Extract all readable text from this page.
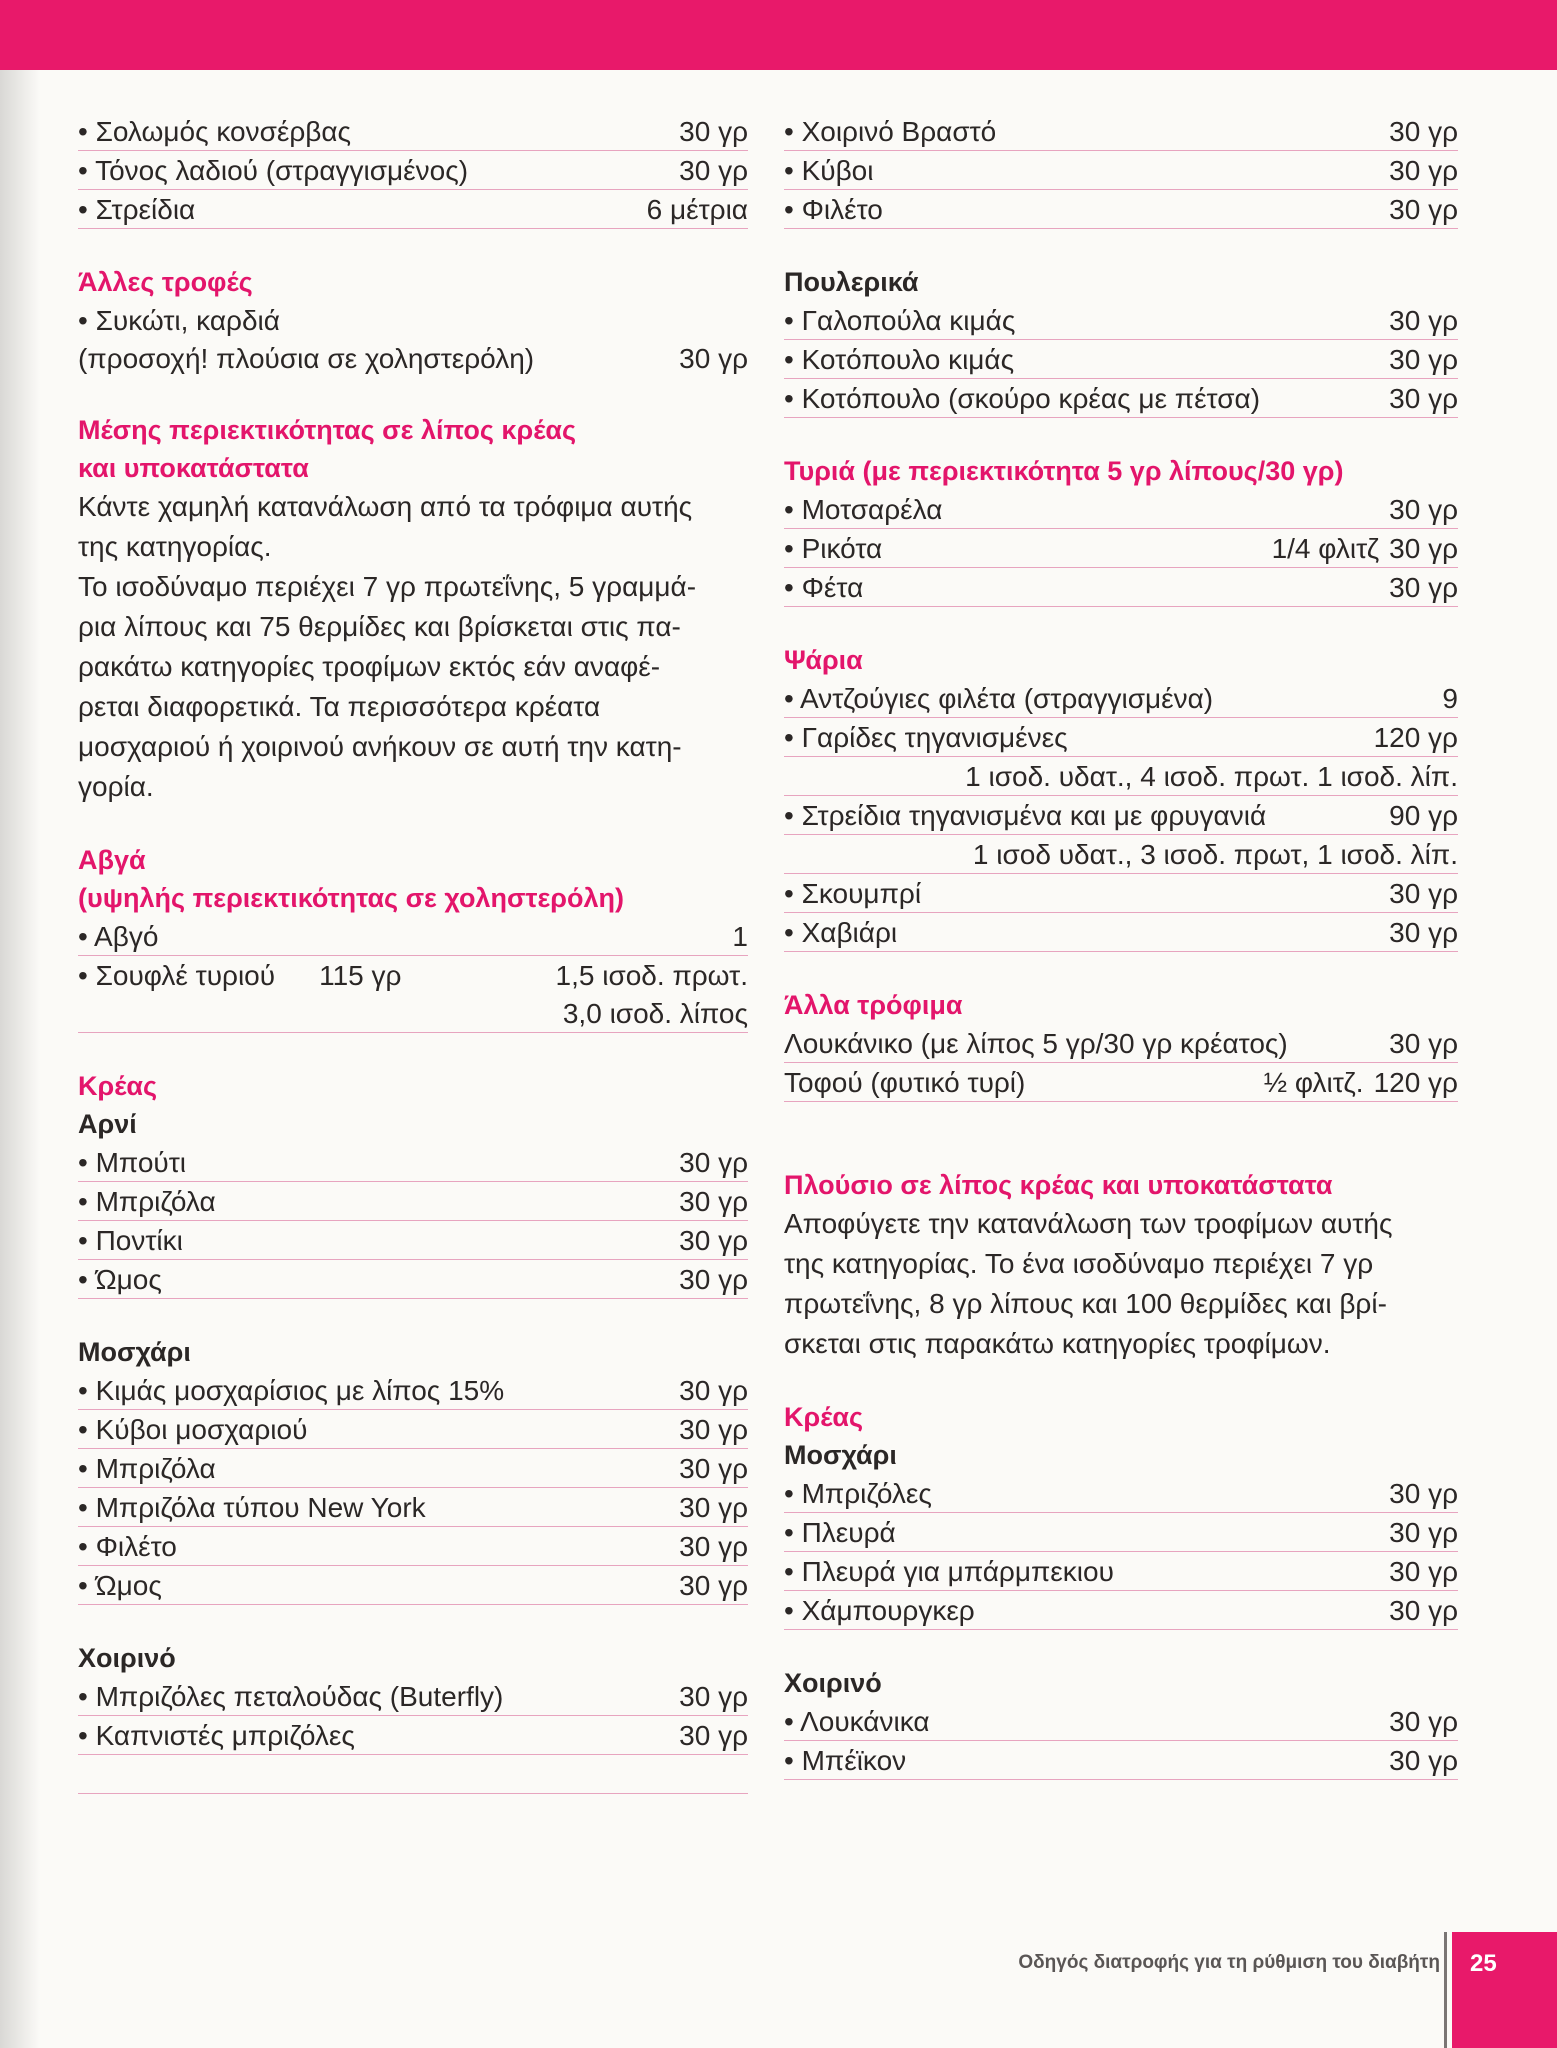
• Σολωμός κονσέρβας	30 γρ
• Τόνος λαδιού (στραγγισμένος)	30 γρ
• Στρείδια	6 μέτρια
Άλλες τροφές
• Συκώτι, καρδιά
(προσοχή! πλούσια σε χοληστερόλη)	30 γρ
Μέσης περιεκτικότητας σε λίπος κρέας
και υποκατάστατα

Κάντε χαμηλή κατανάλωση από τα τρόφιμα αυτής

της κατηγορίας.

Το ισοδύναμο περιέχει 7 γρ πρωτεΐνης, 5 γραμμά-

ρια λίπους και 75 θερμίδες και βρίσκεται στις πα-

ρακάτω κατηγορίες τροφίμων εκτός εάν αναφέ-

ρεται διαφορετικά. Τα περισσότερα κρέατα

μοσχαριού ή χοιρινού ανήκουν σε αυτή την κατη-

γορία.

Αβγά
(υψηλής περιεκτικότητας σε χοληστερόλη)
• Αβγό	1
• Σουφλέ τυριού 115 γρ	1,5 ισοδ. πρωτ.
3,0 ισοδ. λίπος
Κρέας
Αρνί
• Μπούτι	30 γρ
• Μπριζόλα	30 γρ
• Ποντίκι	30 γρ
• Ώμος	30 γρ
Μοσχάρι
• Κιμάς μοσχαρίσιος με λίπος 15%	30 γρ
• Κύβοι μοσχαριού	30 γρ
• Μπριζόλα	30 γρ
• Μπριζόλα τύπου New York	30 γρ
• Φιλέτο	30 γρ
• Ώμος	30 γρ
Χοιρινό
• Μπριζόλες πεταλούδας (Buterfly)	30 γρ
• Καπνιστές μπριζόλες	30 γρ
• Χοιρινό Βραστό	30 γρ
• Κύβοι	30 γρ
• Φιλέτο	30 γρ
Πουλερικά
• Γαλοπούλα κιμάς	30 γρ
• Κοτόπουλο κιμάς	30 γρ
• Κοτόπουλο (σκούρο κρέας με πέτσα)	30 γρ
Τυριά (με περιεκτικότητα 5 γρ λίπους/30 γρ)
• Μοτσαρέλα	30 γρ
• Ρικότα	1/4 φλιτζ 30 γρ
• Φέτα	30 γρ
Ψάρια
• Αντζούγιες φιλέτα (στραγγισμένα)	9
• Γαρίδες τηγανισμένες	120 γρ
1 ισοδ. υδατ., 4 ισοδ. πρωτ. 1 ισοδ. λίπ.
• Στρείδια τηγανισμένα και με φρυγανιά	90 γρ
1 ισοδ υδατ., 3 ισοδ. πρωτ, 1 ισοδ. λίπ.
• Σκουμπρί	30 γρ
• Χαβιάρι	30 γρ
Άλλα τρόφιμα
Λουκάνικο (με λίπος 5 γρ/30 γρ κρέατος)	30 γρ
Τοφού (φυτικό τυρί)	½ φλιτζ. 120 γρ
Πλούσιο σε λίπος κρέας και υποκατάστατα

Αποφύγετε την κατανάλωση των τροφίμων αυτής

της κατηγορίας. Το ένα ισοδύναμο περιέχει 7 γρ

πρωτεΐνης, 8 γρ λίπους και 100 θερμίδες και βρί-

σκεται στις παρακάτω κατηγορίες τροφίμων.

Κρέας
Μοσχάρι
• Μπριζόλες	30 γρ
• Πλευρά	30 γρ
• Πλευρά για μπάρμπεκιου	30 γρ
• Χάμπουργκερ	30 γρ
Χοιρινό
• Λουκάνικα	30 γρ
• Μπέϊκον	30 γρ
Οδηγός διατροφής για τη ρύθμιση του διαβήτη 25
